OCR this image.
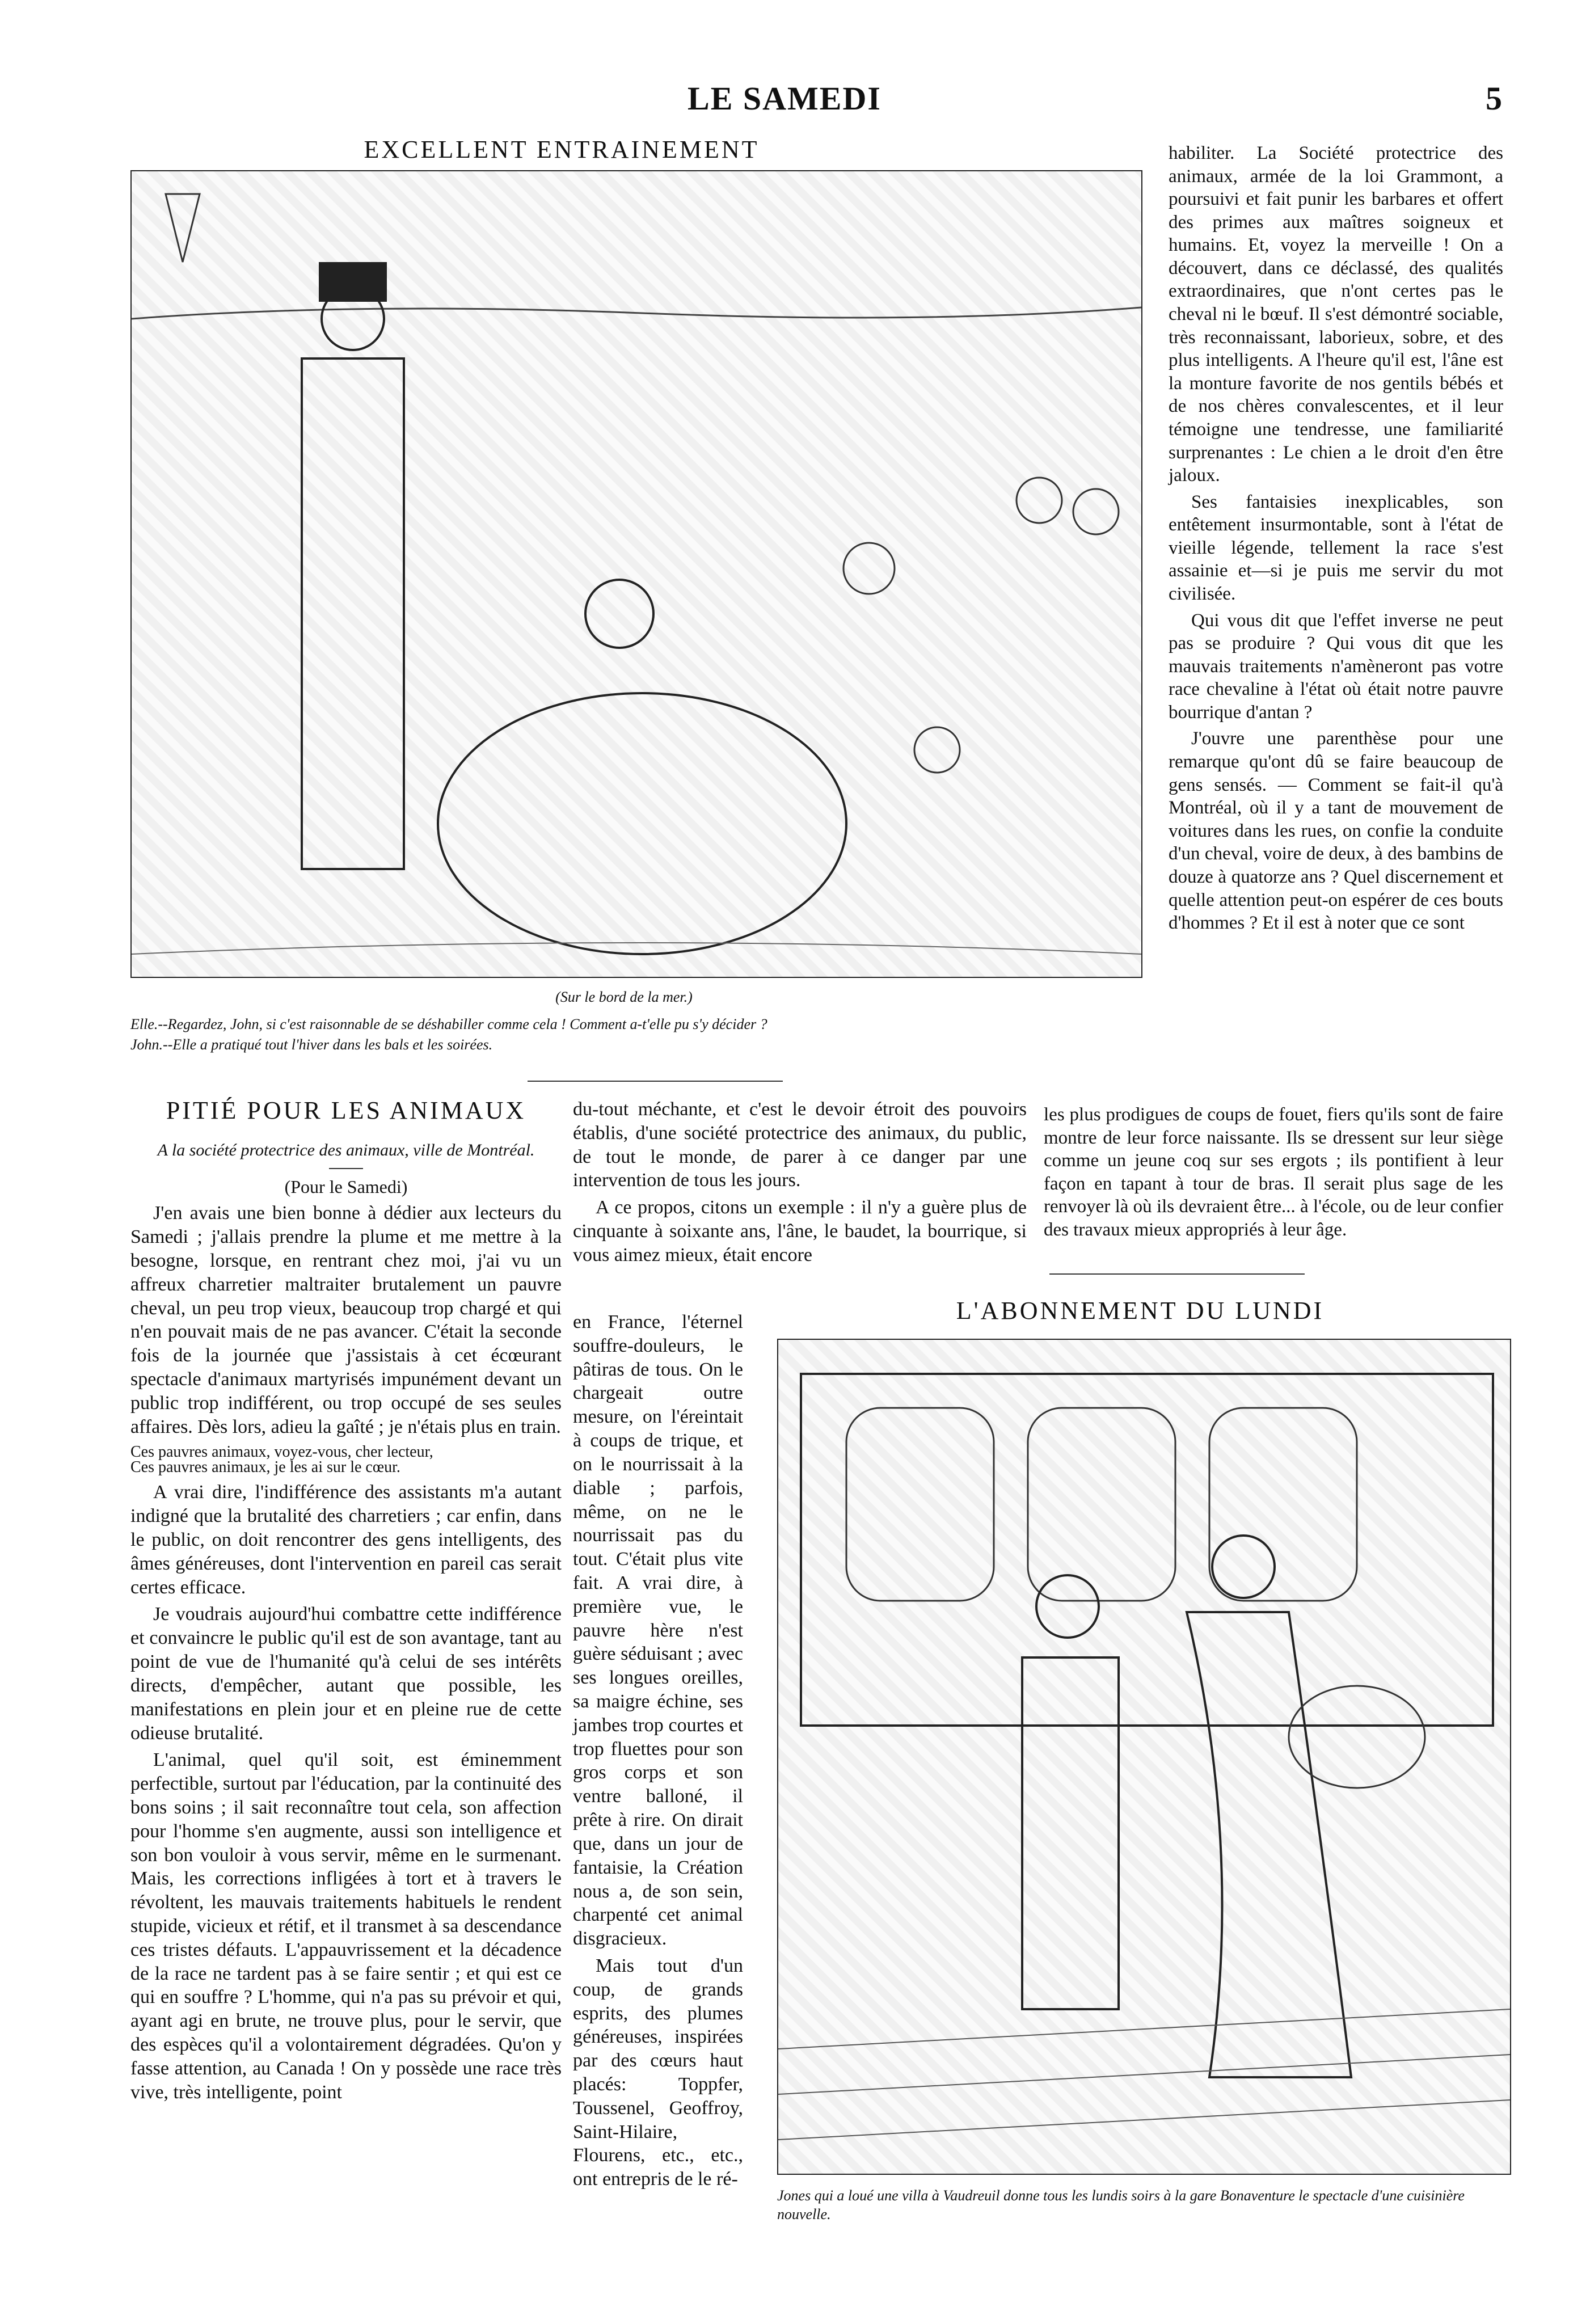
LE SAMEDI	5
EXCELLENT ENTRAINEMENT
(Sur le bord de la mer.)
Elle.--Regardez, John, si c'est raisonnable de se déshabiller comme cela ! Comment a-t'elle pu s'y décider ?
John.--Elle a pratiqué tout l'hiver dans les bals et les soirées.

habiliter. La Société protectrice des animaux, armée de la loi Grammont, a poursuivi et fait punir les barbares et offert des primes aux maîtres soigneux et humains. Et, voyez la merveille ! On a découvert, dans ce déclassé, des qualités extraordinaires, que n'ont certes pas le cheval ni le bœuf. Il s'est démontré sociable, très reconnaissant, laborieux, sobre, et des plus intelligents. A l'heure qu'il est, l'âne est la monture favorite de nos gentils bébés et de nos chères convalescentes, et il leur témoigne une tendresse, une familiarité surprenantes : Le chien a le droit d'en être jaloux.

Ses fantaisies inexplicables, son entêtement insurmontable, sont à l'état de vieille légende, tellement la race s'est assainie et—si je puis me servir du mot civilisée.

Qui vous dit que l'effet inverse ne peut pas se produire ? Qui vous dit que les mauvais traitements n'amèneront pas votre race chevaline à l'état où était notre pauvre bourrique d'antan ?

J'ouvre une parenthèse pour une remarque qu'ont dû se faire beaucoup de gens sensés. — Comment se fait-il qu'à Montréal, où il y a tant de mouvement de voitures dans les rues, on confie la conduite d'un cheval, voire de deux, à des bambins de douze à quatorze ans ? Quel discernement et quelle attention peut-on espérer de ces bouts d'hommes ? Et il est à noter que ce sont

les plus prodigues de coups de fouet, fiers qu'ils sont de faire montre de leur force naissante. Ils se dressent sur leur siège comme un jeune coq sur ses ergots ; ils pontifient à leur façon en tapant à tour de bras. Il serait plus sage de les renvoyer là où ils devraient être... à l'école, ou de leur confier des travaux mieux appropriés à leur âge.

PITIÉ POUR LES ANIMAUX

A la société protectrice des animaux, ville de Montréal.

(Pour le Samedi)

J'en avais une bien bonne à dédier aux lecteurs du Samedi ; j'allais prendre la plume et me mettre à la besogne, lorsque, en rentrant chez moi, j'ai vu un affreux charretier maltraiter brutalement un pauvre cheval, un peu trop vieux, beaucoup trop chargé et qui n'en pouvait mais de ne pas avancer. C'était la seconde fois de la journée que j'assistais à cet écœurant spectacle d'animaux martyrisés impunément devant un public trop indifférent, ou trop occupé de ses seules affaires. Dès lors, adieu la gaîté ; je n'étais plus en train.

Ces pauvres animaux, voyez-vous, cher lecteur,

Ces pauvres animaux, je les ai sur le cœur.

A vrai dire, l'indifférence des assistants m'a autant indigné que la brutalité des charretiers ; car enfin, dans le public, on doit rencontrer des gens intelligents, des âmes généreuses, dont l'intervention en pareil cas serait certes efficace.

Je voudrais aujourd'hui combattre cette indifférence et convaincre le public qu'il est de son avantage, tant au point de vue de l'humanité qu'à celui de ses intérêts directs, d'empêcher, autant que possible, les manifestations en plein jour et en pleine rue de cette odieuse brutalité.

L'animal, quel qu'il soit, est éminemment perfectible, surtout par l'éducation, par la continuité des bons soins ; il sait reconnaître tout cela, son affection pour l'homme s'en augmente, aussi son intelligence et son bon vouloir à vous servir, même en le surmenant. Mais, les corrections infligées à tort et à travers le révoltent, les mauvais traitements habituels le rendent stupide, vicieux et rétif, et il transmet à sa descendance ces tristes défauts. L'appauvrissement et la décadence de la race ne tardent pas à se faire sentir ; et qui est ce qui en souffre ? L'homme, qui n'a pas su prévoir et qui, ayant agi en brute, ne trouve plus, pour le servir, que des espèces qu'il a volontairement dégradées. Qu'on y fasse attention, au Canada ! On y possède une race très vive, très intelligente, point

du-tout méchante, et c'est le devoir étroit des pouvoirs établis, d'une société protectrice des animaux, du public, de tout le monde, de parer à ce danger par une intervention de tous les jours.

A ce propos, citons un exemple : il n'y a guère plus de cinquante à soixante ans, l'âne, le baudet, la bourrique, si vous aimez mieux, était encore

en France, l'éternel souffre-douleurs, le pâtiras de tous. On le chargeait outre mesure, on l'éreintait à coups de trique, et on le nourrissait à la diable ; parfois, même, on ne le nourrissait pas du tout. C'était plus vite fait. A vrai dire, à première vue, le pauvre hère n'est guère séduisant ; avec ses longues oreilles, sa maigre échine, ses jambes trop courtes et trop fluettes pour son gros corps et son ventre balloné, il prête à rire. On dirait que, dans un jour de fantaisie, la Création nous a, de son sein, charpenté cet animal disgracieux.

Mais tout d'un coup, de grands esprits, des plumes généreuses, inspirées par des cœurs haut placés: Toppfer, Toussenel, Geoffroy, Saint-Hilaire, Flourens, etc., etc., ont entrepris de le ré-

L'ABONNEMENT DU LUNDI
Jones qui a loué une villa à Vaudreuil donne tous les lundis soirs à la gare Bonaventure le spectacle d'une cuisinière nouvelle.
